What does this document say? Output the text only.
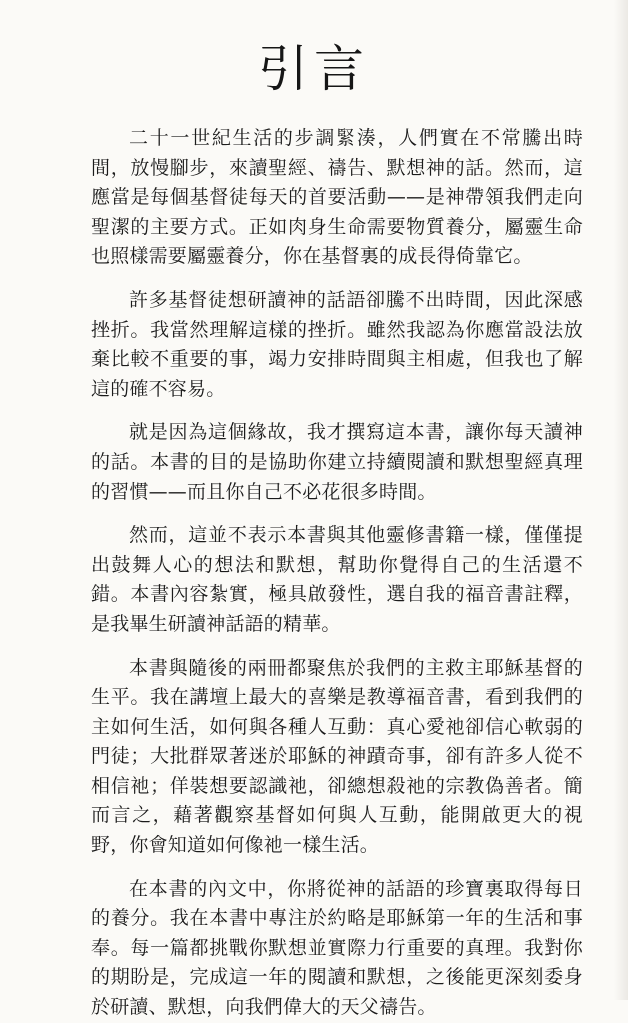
引言

二十一世紀生活的步調緊湊，人們實在不常騰出時間，放慢腳步，來讀聖經、禱告、默想神的話。然而，這應當是每個基督徒每天的首要活動——是神帶領我們走向聖潔的主要方式。正如肉身生命需要物質養分，屬靈生命也照樣需要屬靈養分，你在基督裏的成長得倚靠它。

許多基督徒想研讀神的話語卻騰不出時間，因此深感挫折。我當然理解這樣的挫折。雖然我認為你應當設法放棄比較不重要的事，竭力安排時間與主相處，但我也了解這的確不容易。

就是因為這個緣故，我才撰寫這本書，讓你每天讀神的話。本書的目的是協助你建立持續閱讀和默想聖經真理的習慣——而且你自己不必花很多時間。

然而，這並不表示本書與其他靈修書籍一樣，僅僅提出鼓舞人心的想法和默想，幫助你覺得自己的生活還不錯。本書內容紮實，極具啟發性，選自我的福音書註釋，是我畢生研讀神話語的精華。

本書與隨後的兩冊都聚焦於我們的主救主耶穌基督的生平。我在講壇上最大的喜樂是教導福音書，看到我們的主如何生活，如何與各種人互動：真心愛祂卻信心軟弱的門徒；大批群眾著迷於耶穌的神蹟奇事，卻有許多人從不相信祂；佯裝想要認識祂，卻總想殺祂的宗教偽善者。簡而言之，藉著觀察基督如何與人互動，能開啟更大的視野，你會知道如何像祂一樣生活。

在本書的內文中，你將從神的話語的珍寶裏取得每日的養分。我在本書中專注於約略是耶穌第一年的生活和事奉。每一篇都挑戰你默想並實際力行重要的真理。我對你的期盼是，完成這一年的閱讀和默想，之後能更深刻委身於研讀、默想，向我們偉大的天父禱告。
